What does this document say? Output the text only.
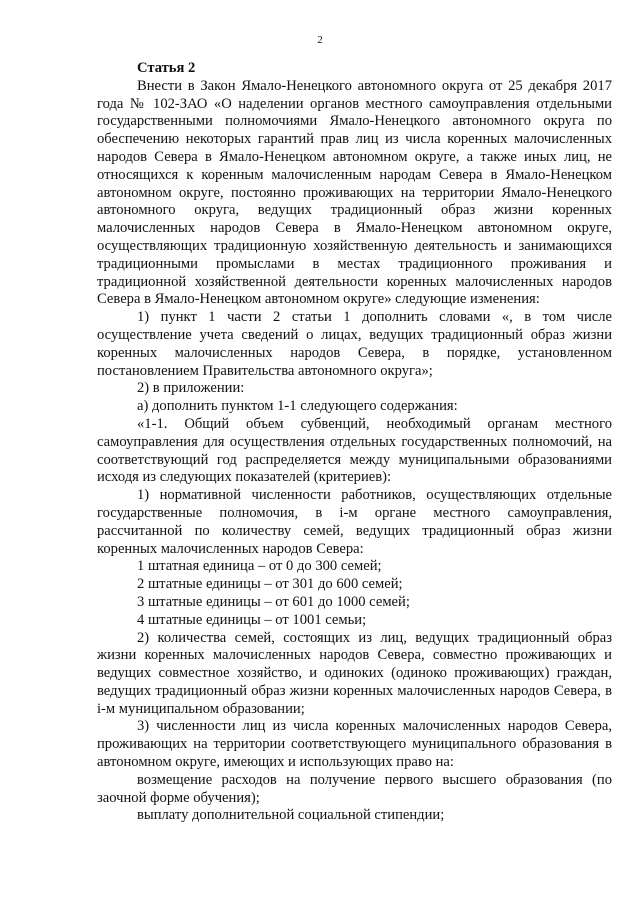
2

Статья 2

Внести в Закон Ямало-Ненецкого автономного округа от 25 декабря 2017 года № 102-ЗАО «О наделении органов местного самоуправления отдельными государственными полномочиями Ямало-Ненецкого автономного округа по обеспечению некоторых гарантий прав лиц из числа коренных малочисленных народов Севера в Ямало-Ненецком автономном округе, а также иных лиц, не относящихся к коренным малочисленным народам Севера в Ямало-Ненецком автономном округе, постоянно проживающих на территории Ямало-Ненецкого автономного округа, ведущих традиционный образ жизни коренных малочисленных народов Севера в Ямало-Ненецком автономном округе, осуществляющих традиционную хозяйственную деятельность и занимающихся традиционными промыслами в местах традиционного проживания и традиционной хозяйственной деятельности коренных малочисленных народов Севера в Ямало-Ненецком автономном округе» следующие изменения:

1) пункт 1 части 2 статьи 1 дополнить словами «, в том числе осуществление учета сведений о лицах, ведущих традиционный образ жизни коренных малочисленных народов Севера, в порядке, установленном постановлением Правительства автономного округа»;

2) в приложении:

а) дополнить пунктом 1-1 следующего содержания:

«1-1. Общий объем субвенций, необходимый органам местного самоуправления для осуществления отдельных государственных полномочий, на соответствующий год распределяется между муниципальными образованиями исходя из следующих показателей (критериев):

1) нормативной численности работников, осуществляющих отдельные государственные полномочия, в i-м органе местного самоуправления, рассчитанной по количеству семей, ведущих традиционный образ жизни коренных малочисленных народов Севера:

1 штатная единица – от 0 до 300 семей;

2 штатные единицы – от 301 до 600 семей;

3 штатные единицы – от 601 до 1000 семей;

4 штатные единицы – от 1001 семьи;

2) количества семей, состоящих из лиц, ведущих традиционный образ жизни коренных малочисленных народов Севера, совместно проживающих и ведущих совместное хозяйство, и одиноких (одиноко проживающих) граждан, ведущих традиционный образ жизни коренных малочисленных народов Севера, в i-м муниципальном образовании;

3) численности лиц из числа коренных малочисленных народов Севера, проживающих на территории соответствующего муниципального образования в автономном округе, имеющих и использующих право на:

возмещение расходов на получение первого высшего образования (по заочной форме обучения);

выплату дополнительной социальной стипендии;
